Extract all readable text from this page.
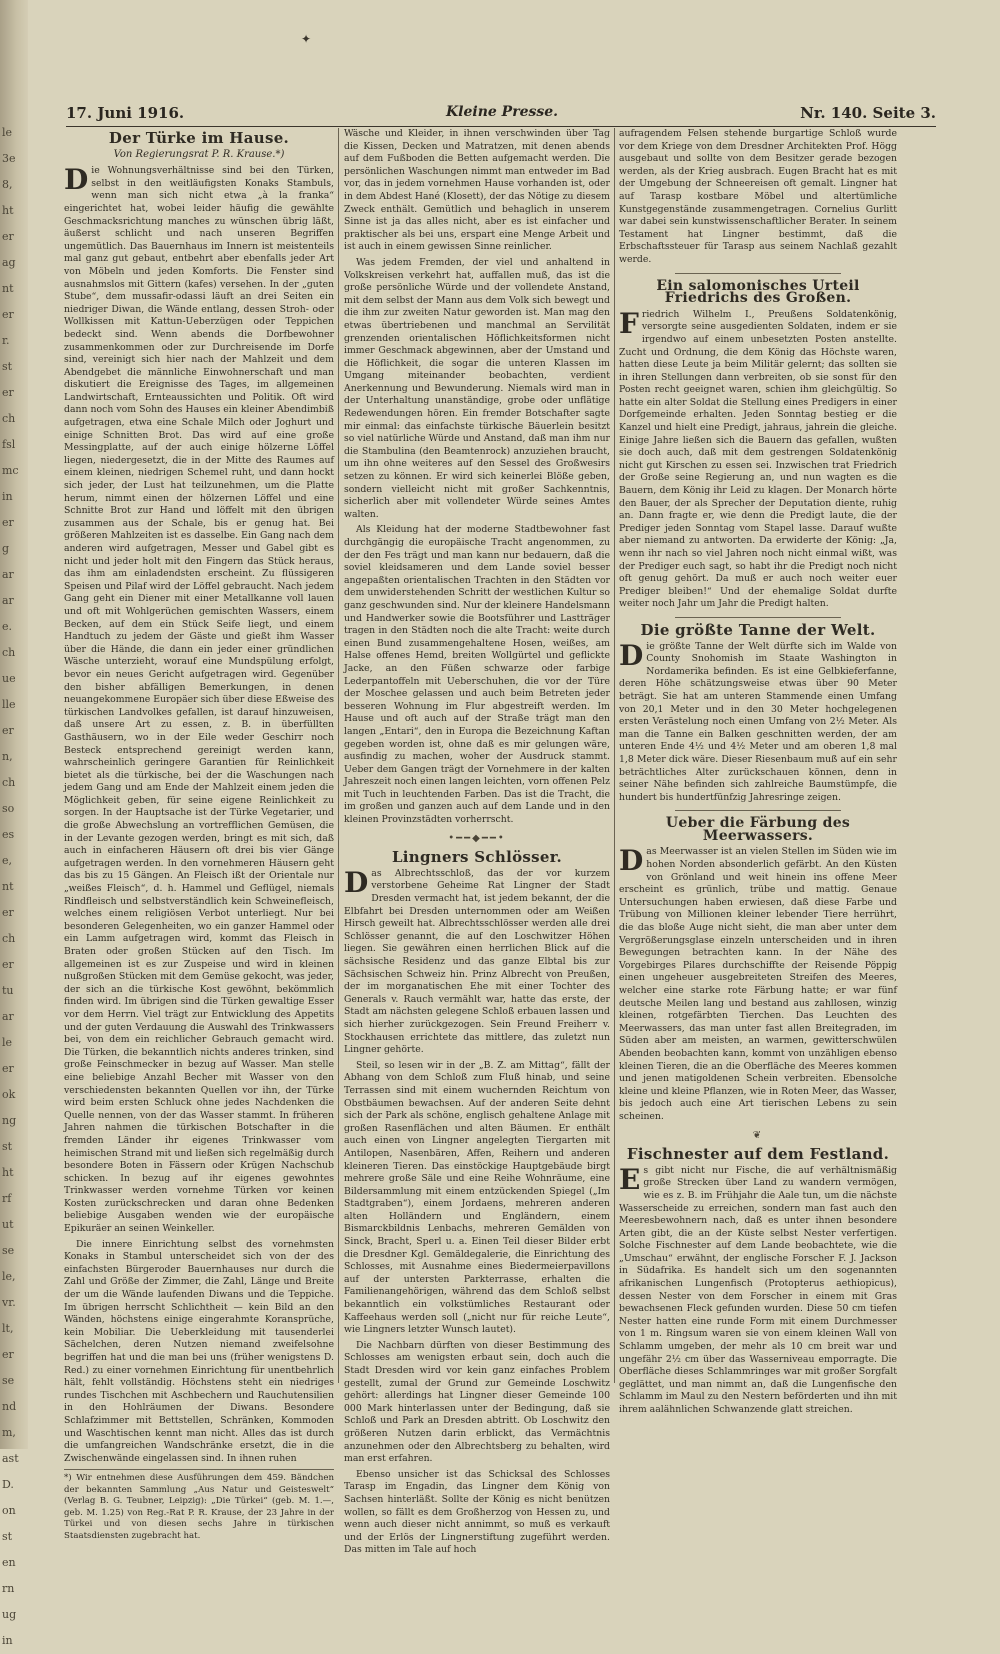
le
3e
8,
ht
er
ag
nt
er
r.
st
er
ch
fsl
mc
in
er
g
ar
ar
e.
ch
ue
lle
er
n,
ch
so
es
e,
nt
er
ch
er
tu
ar
le
er
ok
ng
st
ht
rf
ut
se
le,
vr.
lt,
er
se
nd
m,
ast
D.
on
st
en
rn
ug
in
✦
17. Juni 1916.	Kleine Presse.	Nr. 140. Seite 3.
Der Türke im Hause.
Von Regierungsrat P. R. Krause.*)

Die Wohnungsverhältnisse sind bei den Türken, selbst in den weitläufigsten Konaks Stambuls, wenn man sich nicht etwa „à la franka“ eingerichtet hat, wobei leider häufig die gewählte Geschmacksrichtung manches zu wünschen übrig läßt, äußerst schlicht und nach unseren Begriffen ungemütlich. Das Bauernhaus im Innern ist meistenteils mal ganz gut gebaut, entbehrt aber ebenfalls jeder Art von Möbeln und jeden Komforts. Die Fenster sind ausnahmslos mit Gittern (kafes) versehen. In der „guten Stube“, dem mussafir-odassi läuft an drei Seiten ein niedriger Diwan, die Wände entlang, dessen Stroh- oder Wollkissen mit Kattun-Ueberzügen oder Teppichen bedeckt sind. Wenn abends die Dorfbewohner zusammenkommen oder zur Durchreisende im Dorfe sind, vereinigt sich hier nach der Mahlzeit und dem Abendgebet die männliche Einwohnerschaft und man diskutiert die Ereignisse des Tages, im allgemeinen Landwirtschaft, Ernteaussichten und Politik. Oft wird dann noch vom Sohn des Hauses ein kleiner Abendimbiß aufgetragen, etwa eine Schale Milch oder Joghurt und einige Schnitten Brot. Das wird auf eine große Messingplatte, auf der auch einige hölzerne Löffel liegen, niedergesetzt, die in der Mitte des Raumes auf einem kleinen, niedrigen Schemel ruht, und dann hockt sich jeder, der Lust hat teilzunehmen, um die Platte herum, nimmt einen der hölzernen Löffel und eine Schnitte Brot zur Hand und löffelt mit den übrigen zusammen aus der Schale, bis er genug hat. Bei größeren Mahlzeiten ist es dasselbe. Ein Gang nach dem anderen wird aufgetragen, Messer und Gabel gibt es nicht und jeder holt mit den Fingern das Stück heraus, das ihm am einladendsten erscheint. Zu flüssigeren Speisen und Pilaf wird der Löffel gebraucht. Nach jedem Gang geht ein Diener mit einer Metallkanne voll lauen und oft mit Wohlgerüchen gemischten Wassers, einem Becken, auf dem ein Stück Seife liegt, und einem Handtuch zu jedem der Gäste und gießt ihm Wasser über die Hände, die dann ein jeder einer gründlichen Wäsche unterzieht, worauf eine Mundspülung erfolgt, bevor ein neues Gericht aufgetragen wird. Gegenüber den bisher abfälligen Bemerkungen, in denen neuangekommene Europäer sich über diese Eßweise des türkischen Landvolkes gefallen, ist darauf hinzuweisen, daß unsere Art zu essen, z. B. in überfüllten Gasthäusern, wo in der Eile weder Geschirr noch Besteck entsprechend gereinigt werden kann, wahrscheinlich geringere Garantien für Reinlichkeit bietet als die türkische, bei der die Waschungen nach jedem Gang und am Ende der Mahlzeit einem jeden die Möglichkeit geben, für seine eigene Reinlichkeit zu sorgen. In der Hauptsache ist der Türke Vegetarier, und die große Abwechslung an vortrefflichen Gemüsen, die in der Levante gezogen werden, bringt es mit sich, daß auch in einfacheren Häusern oft drei bis vier Gänge aufgetragen werden. In den vornehmeren Häusern geht das bis zu 15 Gängen. An Fleisch ißt der Orientale nur „weißes Fleisch“, d. h. Hammel und Geflügel, niemals Rindfleisch und selbstverständlich kein Schweinefleisch, welches einem religiösen Verbot unterliegt. Nur bei besonderen Gelegenheiten, wo ein ganzer Hammel oder ein Lamm aufgetragen wird, kommt das Fleisch in Braten oder großen Stücken auf den Tisch. Im allgemeinen ist es zur Zuspeise und wird in kleinen nußgroßen Stücken mit dem Gemüse gekocht, was jeder, der sich an die türkische Kost gewöhnt, bekömmlich finden wird. Im übrigen sind die Türken gewaltige Esser vor dem Herrn. Viel trägt zur Entwicklung des Appetits und der guten Verdauung die Auswahl des Trinkwassers bei, von dem ein reichlicher Gebrauch gemacht wird. Die Türken, die bekanntlich nichts anderes trinken, sind große Feinschmecker in bezug auf Wasser. Man stelle eine beliebige Anzahl Becher mit Wasser von den verschiedensten bekannten Quellen vor ihn, der Türke wird beim ersten Schluck ohne jedes Nachdenken die Quelle nennen, von der das Wasser stammt. In früheren Jahren nahmen die türkischen Botschafter in die fremden Länder ihr eigenes Trinkwasser vom heimischen Strand mit und ließen sich regelmäßig durch besondere Boten in Fässern oder Krügen Nachschub schicken. In bezug auf ihr eigenes gewohntes Trinkwasser werden vornehme Türken vor keinen Kosten zurückschrecken und daran ohne Bedenken beliebige Ausgaben wenden wie der europäische Epikuräer an seinen Weinkeller.

Die innere Einrichtung selbst des vornehmsten Konaks in Stambul unterscheidet sich von der des einfachsten Bürgeroder Bauernhauses nur durch die Zahl und Größe der Zimmer, die Zahl, Länge und Breite der um die Wände laufenden Diwans und die Teppiche. Im übrigen herrscht Schlichtheit — kein Bild an den Wänden, höchstens einige eingerahmte Koransprüche, kein Mobiliar. Die Ueberkleidung mit tausenderlei Sächelchen, deren Nutzen niemand zweifelsohne begriffen hat und die man bei uns (früher wenigstens D. Red.) zu einer vornehmen Einrichtung für unentbehrlich hält, fehlt vollständig. Höchstens steht ein niedriges rundes Tischchen mit Aschbechern und Rauchutensilien in den Hohlräumen der Diwans. Besondere Schlafzimmer mit Bettstellen, Schränken, Kommoden und Waschtischen kennt man nicht. Alles das ist durch die umfangreichen Wandschränke ersetzt, die in die Zwischenwände eingelassen sind. In ihnen ruhen

*) Wir entnehmen diese Ausführungen dem 459. Bändchen der bekannten Sammlung „Aus Natur und Geisteswelt“ (Verlag B. G. Teubner, Leipzig): „Die Türkei“ (geb. M. 1.—, geb. M. 1.25) von Reg.-Rat P. R. Krause, der 23 Jahre in der Türkei und von diesen sechs Jahre in türkischen Staatsdiensten zugebracht hat.

Wäsche und Kleider, in ihnen verschwinden über Tag die Kissen, Decken und Matratzen, mit denen abends auf dem Fußboden die Betten aufgemacht werden. Die persönlichen Waschungen nimmt man entweder im Bad vor, das in jedem vornehmen Hause vorhanden ist, oder in dem Abdest Hané (Klosett), der das Nötige zu diesem Zweck enthält. Gemütlich und behaglich in unserem Sinne ist ja das alles nicht, aber es ist einfacher und praktischer als bei uns, erspart eine Menge Arbeit und ist auch in einem gewissen Sinne reinlicher.

Was jedem Fremden, der viel und anhaltend in Volkskreisen verkehrt hat, auffallen muß, das ist die große persönliche Würde und der vollendete Anstand, mit dem selbst der Mann aus dem Volk sich bewegt und die ihm zur zweiten Natur geworden ist. Man mag den etwas übertriebenen und manchmal an Servilität grenzenden orientalischen Höflichkeitsformen nicht immer Geschmack abgewinnen, aber der Umstand und die Höflichkeit, die sogar die unteren Klassen im Umgang miteinander beobachten, verdient Anerkennung und Bewunderung. Niemals wird man in der Unterhaltung unanständige, grobe oder unflätige Redewendungen hören. Ein fremder Botschafter sagte mir einmal: das einfachste türkische Bäuerlein besitzt so viel natürliche Würde und Anstand, daß man ihm nur die Stambulina (den Beamtenrock) anzuziehen braucht, um ihn ohne weiteres auf den Sessel des Großwesirs setzen zu können. Er wird sich keinerlei Blöße geben, sondern vielleicht nicht mit großer Sachkenntnis, sicherlich aber mit vollendeter Würde seines Amtes walten.

Als Kleidung hat der moderne Stadtbewohner fast durchgängig die europäische Tracht angenommen, zu der den Fes trägt und man kann nur bedauern, daß die soviel kleidsameren und dem Lande soviel besser angepaßten orientalischen Trachten in den Städten vor dem unwiderstehenden Schritt der westlichen Kultur so ganz geschwunden sind. Nur der kleinere Handelsmann und Handwerker sowie die Bootsführer und Lastträger tragen in den Städten noch die alte Tracht: weite durch einen Bund zusammengehaltene Hosen, weißes, am Halse offenes Hemd, breiten Wollgürtel und geflickte Jacke, an den Füßen schwarze oder farbige Lederpantoffeln mit Ueberschuhen, die vor der Türe der Moschee gelassen und auch beim Betreten jeder besseren Wohnung im Flur abgestreift werden. Im Hause und oft auch auf der Straße trägt man den langen „Entari“, den in Europa die Bezeichnung Kaftan gegeben worden ist, ohne daß es mir gelungen wäre, ausfindig zu machen, woher der Ausdruck stammt. Ueber dem Gangen trägt der Vornehmere in der kalten Jahreszeit noch einen langen leichten, vorn offenen Pelz mit Tuch in leuchtenden Farben. Das ist die Tracht, die im großen und ganzen auch auf dem Lande und in den kleinen Provinzstädten vorherrscht.

•━━◆━━•
Lingners Schlösser.

Das Albrechtsschloß, das der vor kurzem verstorbene Geheime Rat Lingner der Stadt Dresden vermacht hat, ist jedem bekannt, der die Elbfahrt bei Dresden unternommen oder am Weißen Hirsch geweilt hat. Albrechtsschlösser werden alle drei Schlösser genannt, die auf den Loschwitzer Höhen liegen. Sie gewähren einen herrlichen Blick auf die sächsische Residenz und das ganze Elbtal bis zur Sächsischen Schweiz hin. Prinz Albrecht von Preußen, der im morganatischen Ehe mit einer Tochter des Generals v. Rauch vermählt war, hatte das erste, der Stadt am nächsten gelegene Schloß erbauen lassen und sich hierher zurückgezogen. Sein Freund Freiherr v. Stockhausen errichtete das mittlere, das zuletzt nun Lingner gehörte.

Steil, so lesen wir in der „B. Z. am Mittag“, fällt der Abhang von dem Schloß zum Fluß hinab, und seine Terrassen sind mit einem wuchernden Reichtum von Obstbäumen bewachsen. Auf der anderen Seite dehnt sich der Park als schöne, englisch gehaltene Anlage mit großen Rasenflächen und alten Bäumen. Er enthält auch einen von Lingner angelegten Tiergarten mit Antilopen, Nasenbären, Affen, Reihern und anderen kleineren Tieren. Das einstöckige Hauptgebäude birgt mehrere große Säle und eine Reihe Wohnräume, eine Bildersammlung mit einem entzückenden Spiegel („Im Stadtgraben“), einem Jordaens, mehreren anderen alten Holländern und Engländern, einem Bismarckbildnis Lenbachs, mehreren Gemälden von Sinck, Bracht, Sperl u. a. Einen Teil dieser Bilder erbt die Dresdner Kgl. Gemäldegalerie, die Einrichtung des Schlosses, mit Ausnahme eines Biedermeierpavillons auf der untersten Parkterrasse, erhalten die Familienangehörigen, während das dem Schloß selbst bekanntlich ein volkstümliches Restaurant oder Kaffeehaus werden soll („nicht nur für reiche Leute“, wie Lingners letzter Wunsch lautet).

Die Nachbarn dürften von dieser Bestimmung des Schlosses am wenigsten erbaut sein, doch auch die Stadt Dresden wird vor kein ganz einfaches Problem gestellt, zumal der Grund zur Gemeinde Loschwitz gehört: allerdings hat Lingner dieser Gemeinde 100 000 Mark hinterlassen unter der Bedingung, daß sie Schloß und Park an Dresden abtritt. Ob Loschwitz den größeren Nutzen darin erblickt, das Vermächtnis anzunehmen oder den Albrechtsberg zu behalten, wird man erst erfahren.

Ebenso unsicher ist das Schicksal des Schlosses Tarasp im Engadin, das Lingner dem König von Sachsen hinterläßt. Sollte der König es nicht benützen wollen, so fällt es dem Großherzog von Hessen zu, und wenn auch dieser nicht annimmt, so muß es verkauft und der Erlös der Lingnerstiftung zugeführt werden. Das mitten im Tale auf hoch

aufragendem Felsen stehende burgartige Schloß wurde vor dem Kriege von dem Dresdner Architekten Prof. Högg ausgebaut und sollte von dem Besitzer gerade bezogen werden, als der Krieg ausbrach. Eugen Bracht hat es mit der Umgebung der Schneereisen oft gemalt. Lingner hat auf Tarasp kostbare Möbel und altertümliche Kunstgegenstände zusammengetragen. Cornelius Gurlitt war dabei sein kunstwissenschaftlicher Berater. In seinem Testament hat Lingner bestimmt, daß die Erbschaftssteuer für Tarasp aus seinem Nachlaß gezahlt werde.

Ein salomonisches Urteil Friedrichs des Großen.

Friedrich Wilhelm I., Preußens Soldatenkönig, versorgte seine ausgedienten Soldaten, indem er sie irgendwo auf einem unbesetzten Posten anstellte. Zucht und Ordnung, die dem König das Höchste waren, hatten diese Leute ja beim Militär gelernt; das sollten sie in ihren Stellungen dann verbreiten, ob sie sonst für den Posten recht geeignet waren, schien ihm gleichgültig. So hatte ein alter Soldat die Stellung eines Predigers in einer Dorfgemeinde erhalten. Jeden Sonntag bestieg er die Kanzel und hielt eine Predigt, jahraus, jahrein die gleiche. Einige Jahre ließen sich die Bauern das gefallen, wußten sie doch auch, daß mit dem gestrengen Soldatenkönig nicht gut Kirschen zu essen sei. Inzwischen trat Friedrich der Große seine Regierung an, und nun wagten es die Bauern, dem König ihr Leid zu klagen. Der Monarch hörte den Bauer, der als Sprecher der Deputation diente, ruhig an. Dann fragte er, wie denn die Predigt laute, die der Prediger jeden Sonntag vom Stapel lasse. Darauf wußte aber niemand zu antworten. Da erwiderte der König: „Ja, wenn ihr nach so viel Jahren noch nicht einmal wißt, was der Prediger euch sagt, so habt ihr die Predigt noch nicht oft genug gehört. Da muß er auch noch weiter euer Prediger bleiben!“ Und der ehemalige Soldat durfte weiter noch Jahr um Jahr die Predigt halten.

Die größte Tanne der Welt.

Die größte Tanne der Welt dürfte sich im Walde von County Snohomish im Staate Washington in Nordamerika befinden. Es ist eine Gelbkieferfanne, deren Höhe schätzungsweise etwas über 90 Meter beträgt. Sie hat am unteren Stammende einen Umfang von 20,1 Meter und in den 30 Meter hochgelegenen ersten Verästelung noch einen Umfang von 2½ Meter. Als man die Tanne ein Balken geschnitten werden, der am unteren Ende 4½ und 4½ Meter und am oberen 1,8 mal 1,8 Meter dick wäre. Dieser Riesenbaum muß auf ein sehr beträchtliches Alter zurückschauen können, denn in seiner Nähe befinden sich zahlreiche Baumstümpfe, die hundert bis hundertfünfzig Jahresringe zeigen.

Ueber die Färbung des Meerwassers.

Das Meerwasser ist an vielen Stellen im Süden wie im hohen Norden absonderlich gefärbt. An den Küsten von Grönland und weit hinein ins offene Meer erscheint es grünlich, trübe und mattig. Genaue Untersuchungen haben erwiesen, daß diese Farbe und Trübung von Millionen kleiner lebender Tiere herrührt, die das bloße Auge nicht sieht, die man aber unter dem Vergrößerungsglase einzeln unterscheiden und in ihren Bewegungen betrachten kann. In der Nähe des Vorgebirges Pilares durchschiffte der Reisende Pöppig einen ungeheuer ausgebreiteten Streifen des Meeres, welcher eine starke rote Färbung hatte; er war fünf deutsche Meilen lang und bestand aus zahllosen, winzig kleinen, rotgefärbten Tierchen. Das Leuchten des Meerwassers, das man unter fast allen Breitegraden, im Süden aber am meisten, an warmen, gewitterschwülen Abenden beobachten kann, kommt von unzähligen ebenso kleinen Tieren, die an die Oberfläche des Meeres kommen und jenen matigoldenen Schein verbreiten. Ebensolche kleine und kleine Pflanzen, wie in Roten Meer, das Wasser, bis jedoch auch eine Art tierischen Lebens zu sein scheinen.

❦
Fischnester auf dem Festland.

Es gibt nicht nur Fische, die auf verhältnismäßig große Strecken über Land zu wandern vermögen, wie es z. B. im Frühjahr die Aale tun, um die nächste Wasserscheide zu erreichen, sondern man fast auch den Meeresbewohnern nach, daß es unter ihnen besondere Arten gibt, die an der Küste selbst Nester verfertigen. Solche Fischnester auf dem Lande beobachtete, wie die „Umschau“ erwähnt, der englische Forscher F. J. Jackson in Südafrika. Es handelt sich um den sogenannten afrikanischen Lungenfisch (Protopterus aethiopicus), dessen Nester von dem Forscher in einem mit Gras bewachsenen Fleck gefunden wurden. Diese 50 cm tiefen Nester hatten eine runde Form mit einem Durchmesser von 1 m. Ringsum waren sie von einem kleinen Wall von Schlamm umgeben, der mehr als 10 cm breit war und ungefähr 2½ cm über das Wasserniveau emporragte. Die Oberfläche dieses Schlammringes war mit großer Sorgfalt geglättet, und man nimmt an, daß die Lungenfische den Schlamm im Maul zu den Nestern beförderten und ihn mit ihrem aalähnlichen Schwanzende glatt streichen.
